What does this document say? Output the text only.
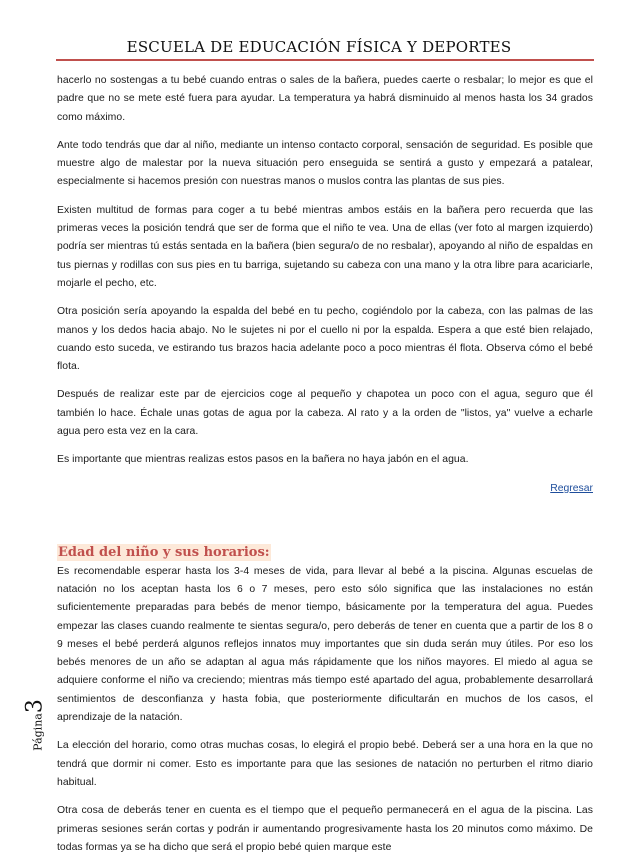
ESCUELA DE EDUCACIÓN FÍSICA Y DEPORTES

hacerlo no sostengas a tu bebé cuando entras o sales de la bañera, puedes caerte o resbalar; lo mejor es que el padre que no se mete esté fuera para ayudar. La temperatura ya habrá disminuido al menos hasta los 34 grados como máximo.

Ante todo tendrás que dar al niño, mediante un intenso contacto corporal, sensación de seguridad. Es posible que muestre algo de malestar por la nueva situación pero enseguida se sentirá a gusto y empezará a patalear, especialmente si hacemos presión con nuestras manos o muslos contra las plantas de sus pies.

Existen multitud de formas para coger a tu bebé mientras ambos estáis en la bañera pero recuerda que las primeras veces la posición tendrá que ser de forma que el niño te vea. Una de ellas (ver foto al margen izquierdo) podría ser mientras tú estás sentada en la bañera (bien segura/o de no resbalar), apoyando al niño de espaldas en tus piernas y rodillas con sus pies en tu barriga, sujetando su cabeza con una mano y la otra libre para acariciarle, mojarle el pecho, etc.

Otra posición sería apoyando la espalda del bebé en tu pecho, cogiéndolo por la cabeza, con las palmas de las manos y los dedos hacia abajo. No le sujetes ni por el cuello ni por la espalda. Espera a que esté bien relajado, cuando esto suceda, ve estirando tus brazos hacia adelante poco a poco mientras él flota. Observa cómo el bebé flota.

Después de realizar este par de ejercicios coge al pequeño y chapotea un poco con el agua, seguro que él también lo hace. Échale unas gotas de agua por la cabeza. Al rato y a la orden de "listos, ya" vuelve a echarle agua pero esta vez en la cara.

Es importante que mientras realizas estos pasos en la bañera no haya jabón en el agua.

Regresar
Edad del niño y sus horarios:

Es recomendable esperar hasta los 3-4 meses de vida, para llevar al bebé a la piscina. Algunas escuelas de natación no los aceptan hasta los 6 o 7 meses, pero esto sólo significa que las instalaciones no están suficientemente preparadas para bebés de menor tiempo, básicamente por la temperatura del agua. Puedes empezar las clases cuando realmente te sientas segura/o, pero deberás de tener en cuenta que a partir de los 8 o 9 meses el bebé perderá algunos reflejos innatos muy importantes que sin duda serán muy útiles. Por eso los bebés menores de un año se adaptan al agua más rápidamente que los niños mayores. El miedo al agua se adquiere conforme el niño va creciendo; mientras más tiempo esté apartado del agua, probablemente desarrollará sentimientos de desconfianza y hasta fobia, que posteriormente dificultarán en muchos de los casos, el aprendizaje de la natación.

La elección del horario, como otras muchas cosas, lo elegirá el propio bebé. Deberá ser a una hora en la que no tendrá que dormir ni comer. Esto es importante para que las sesiones de natación no perturben el ritmo diario habitual.

Otra cosa de deberás tener en cuenta es el tiempo que el pequeño permanecerá en el agua de la piscina. Las primeras sesiones serán cortas y podrán ir aumentando progresivamente hasta los 20 minutos como máximo. De todas formas ya se ha dicho que será el propio bebé quien marque este

Página3
